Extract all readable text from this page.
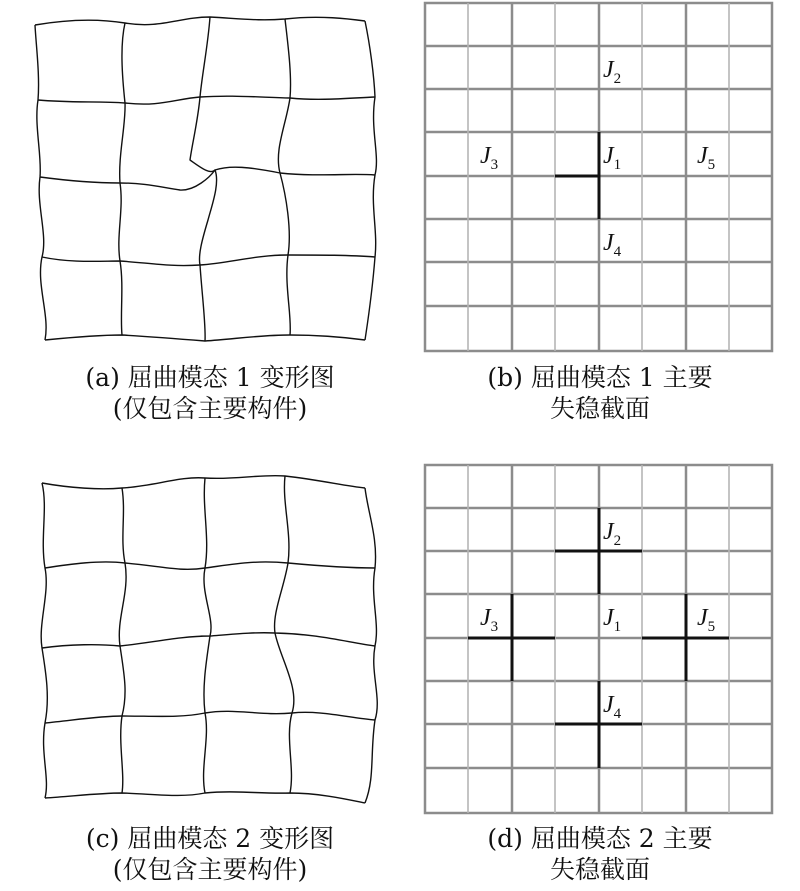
$J_2$
$J_3$	$J_1$	$J_5$
$J_4$
$J_2$
$J_3$	$J_1$	$J_5$
$J_4$
(a) 屈曲模态 1 变形图
(仅包含主要构件)
(b) 屈曲模态 1 主要
失稳截面
(c) 屈曲模态 2 变形图
(仅包含主要构件)
(d) 屈曲模态 2 主要
失稳截面
